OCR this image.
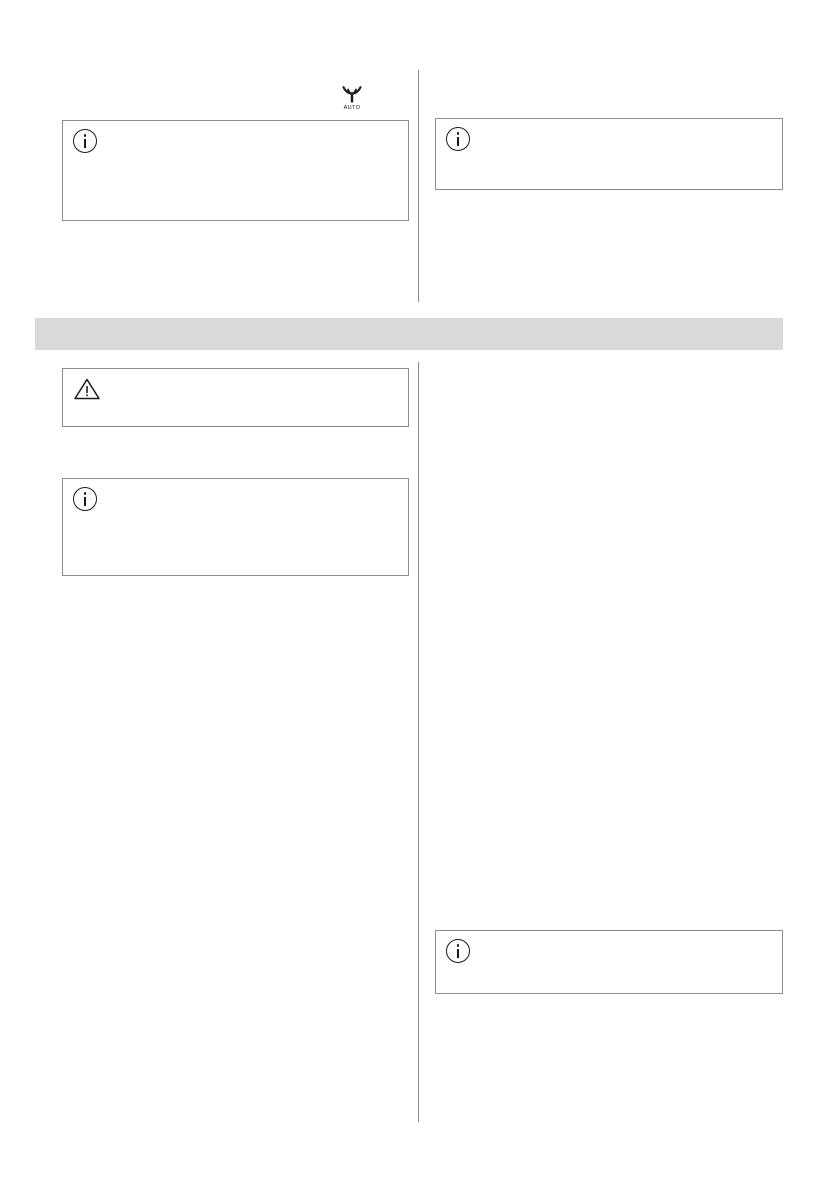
AUTO
